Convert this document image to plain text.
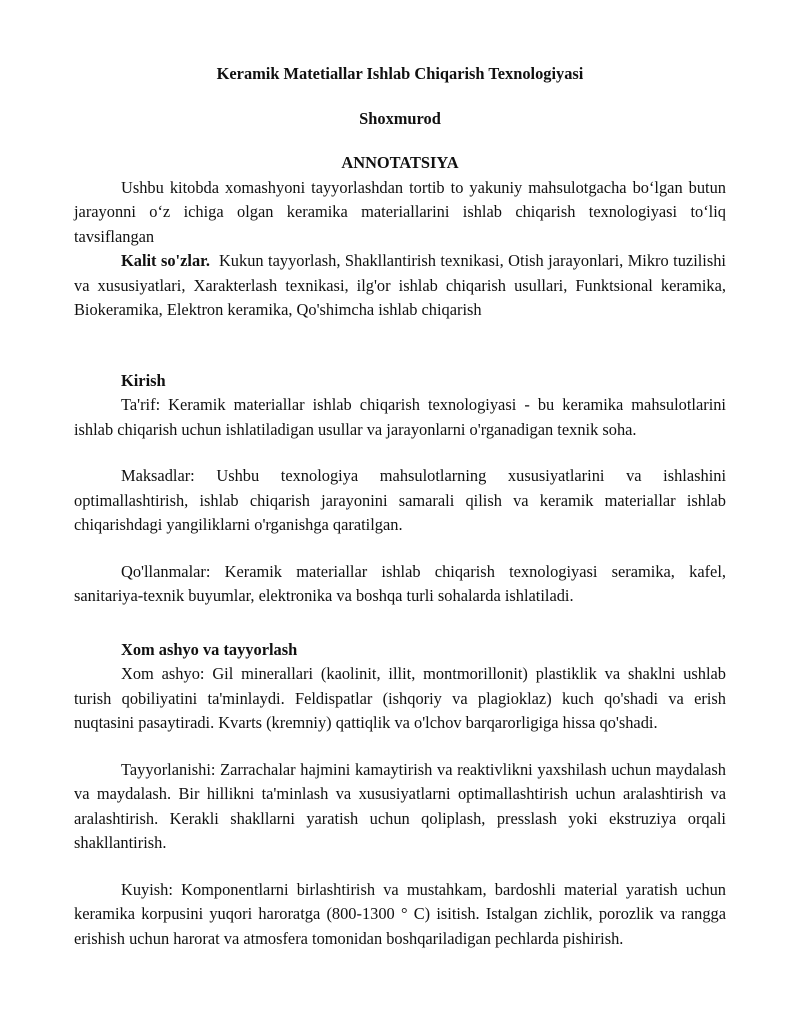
Keramik Matetiallar Ishlab Chiqarish Texnologiyasi
Shoxmurod
ANNOTATSIYA

Ushbu kitobda xomashyoni tayyorlashdan tortib to yakuniy mahsulotgacha bo‘lgan butun jarayonni o‘z ichiga olgan keramika materiallarini ishlab chiqarish texnologiyasi to‘liq tavsiflangan

Kalit so'zlar. Kukun tayyorlash, Shakllantirish texnikasi, Otish jarayonlari, Mikro tuzilishi va xususiyatlari, Xarakterlash texnikasi, ilg'or ishlab chiqarish usullari, Funktsional keramika, Biokeramika, Elektron keramika, Qo'shimcha ishlab chiqarish

Kirish

Ta'rif: Keramik materiallar ishlab chiqarish texnologiyasi - bu keramika mahsulotlarini ishlab chiqarish uchun ishlatiladigan usullar va jarayonlarni o'rganadigan texnik soha.

Maksadlar: Ushbu texnologiya mahsulotlarning xususiyatlarini va ishlashini optimallashtirish, ishlab chiqarish jarayonini samarali qilish va keramik materiallar ishlab chiqarishdagi yangiliklarni o'rganishga qaratilgan.

Qo'llanmalar: Keramik materiallar ishlab chiqarish texnologiyasi seramika, kafel, sanitariya-texnik buyumlar, elektronika va boshqa turli sohalarda ishlatiladi.

Xom ashyo va tayyorlash

Xom ashyo: Gil minerallari (kaolinit, illit, montmorillonit) plastiklik va shaklni ushlab turish qobiliyatini ta'minlaydi. Feldispatlar (ishqoriy va plagioklaz) kuch qo'shadi va erish nuqtasini pasaytiradi. Kvarts (kremniy) qattiqlik va o'lchov barqarorligiga hissa qo'shadi.

Tayyorlanishi: Zarrachalar hajmini kamaytirish va reaktivlikni yaxshilash uchun maydalash va maydalash. Bir hillikni ta'minlash va xususiyatlarni optimallashtirish uchun aralashtirish va aralashtirish. Kerakli shakllarni yaratish uchun qoliplash, presslash yoki ekstruziya orqali shakllantirish.

Kuyish: Komponentlarni birlashtirish va mustahkam, bardoshli material yaratish uchun keramika korpusini yuqori haroratga (800-1300 ° C) isitish. Istalgan zichlik, porozlik va rangga erishish uchun harorat va atmosfera tomonidan boshqariladigan pechlarda pishirish.
